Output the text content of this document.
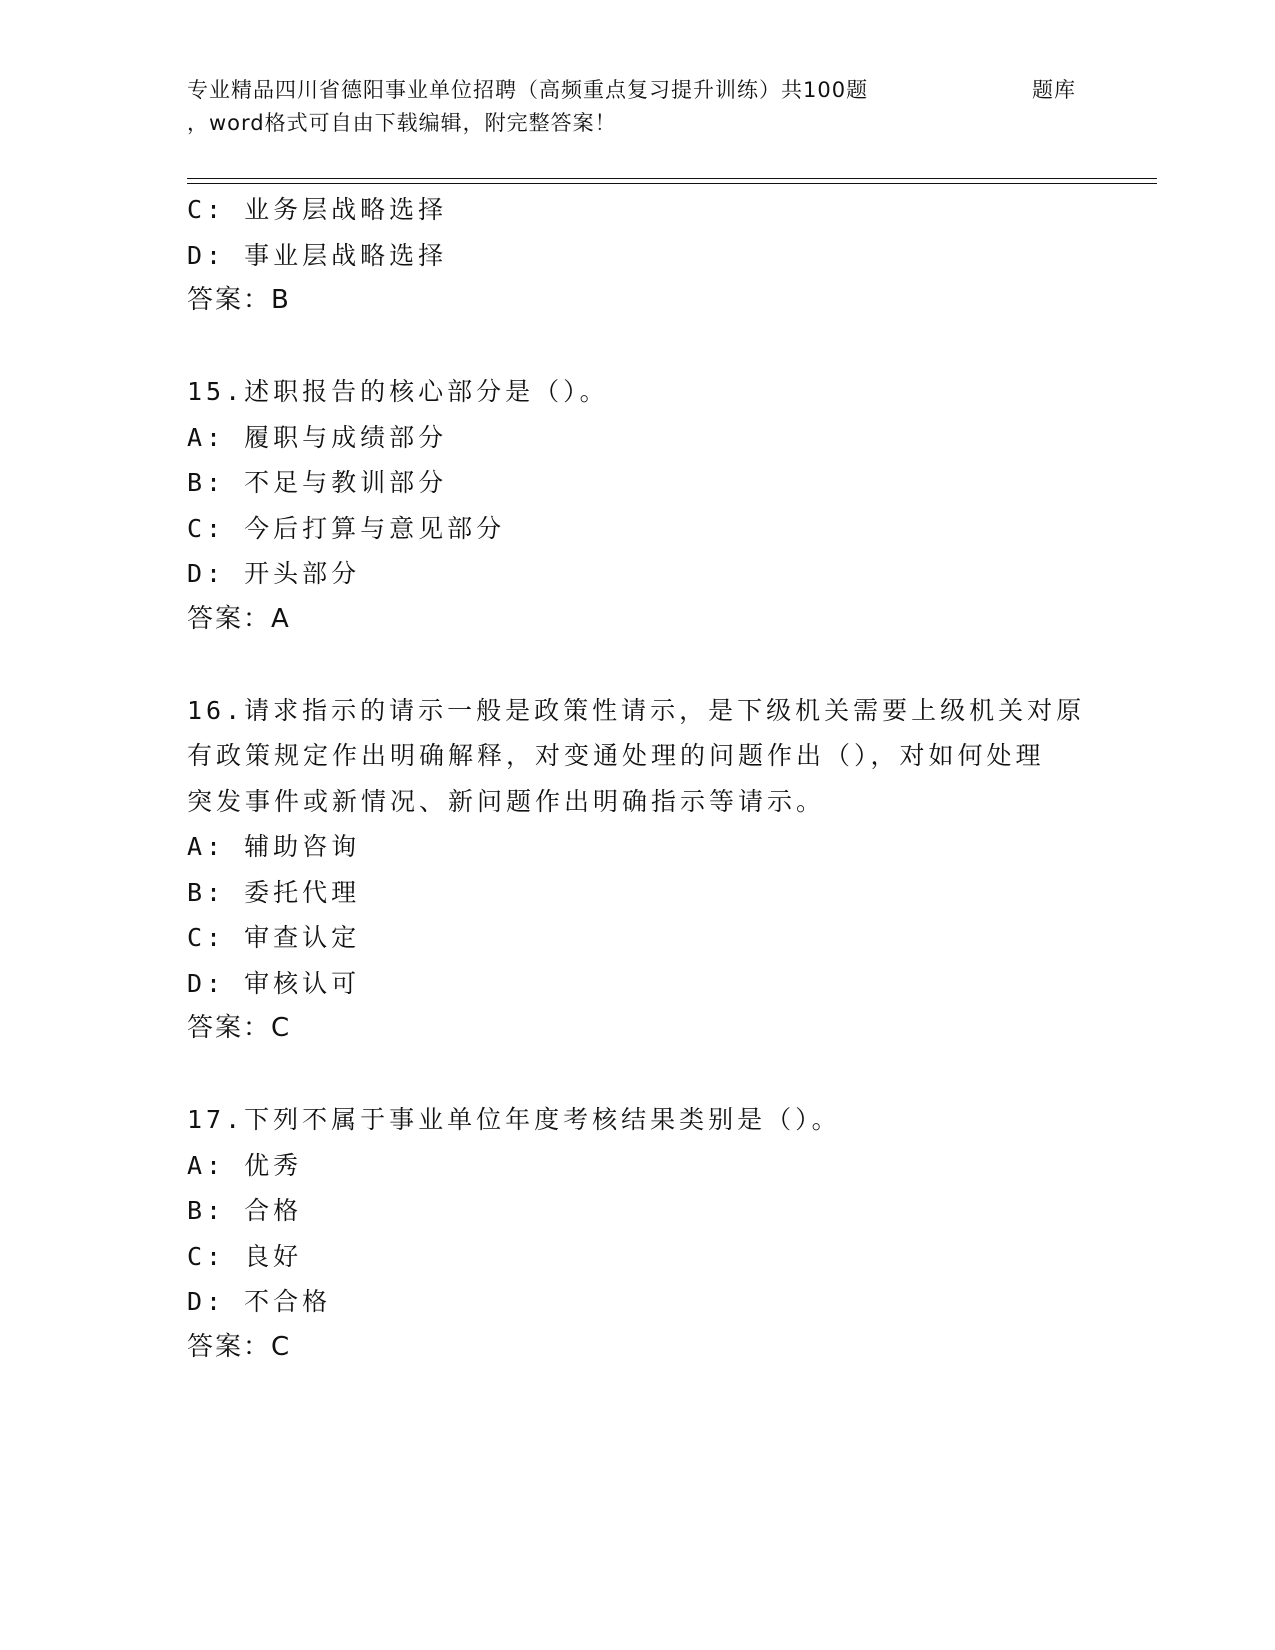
专业精品四川省德阳事业单位招聘（高频重点复习提升训练）共100题	题库
，word格式可自由下载编辑，附完整答案！
C: 业务层战略选择
D: 事业层战略选择
答案：B
15.述职报告的核心部分是（）。
A: 履职与成绩部分
B: 不足与教训部分
C: 今后打算与意见部分
D: 开头部分
答案：A
16.请求指示的请示一般是政策性请示，是下级机关需要上级机关对原
有政策规定作出明确解释，对变通处理的问题作出（），对如何处理
突发事件或新情况、新问题作出明确指示等请示。
A: 辅助咨询
B: 委托代理
C: 审查认定
D: 审核认可
答案：C
17.下列不属于事业单位年度考核结果类别是（）。
A: 优秀
B: 合格
C: 良好
D: 不合格
答案：C
